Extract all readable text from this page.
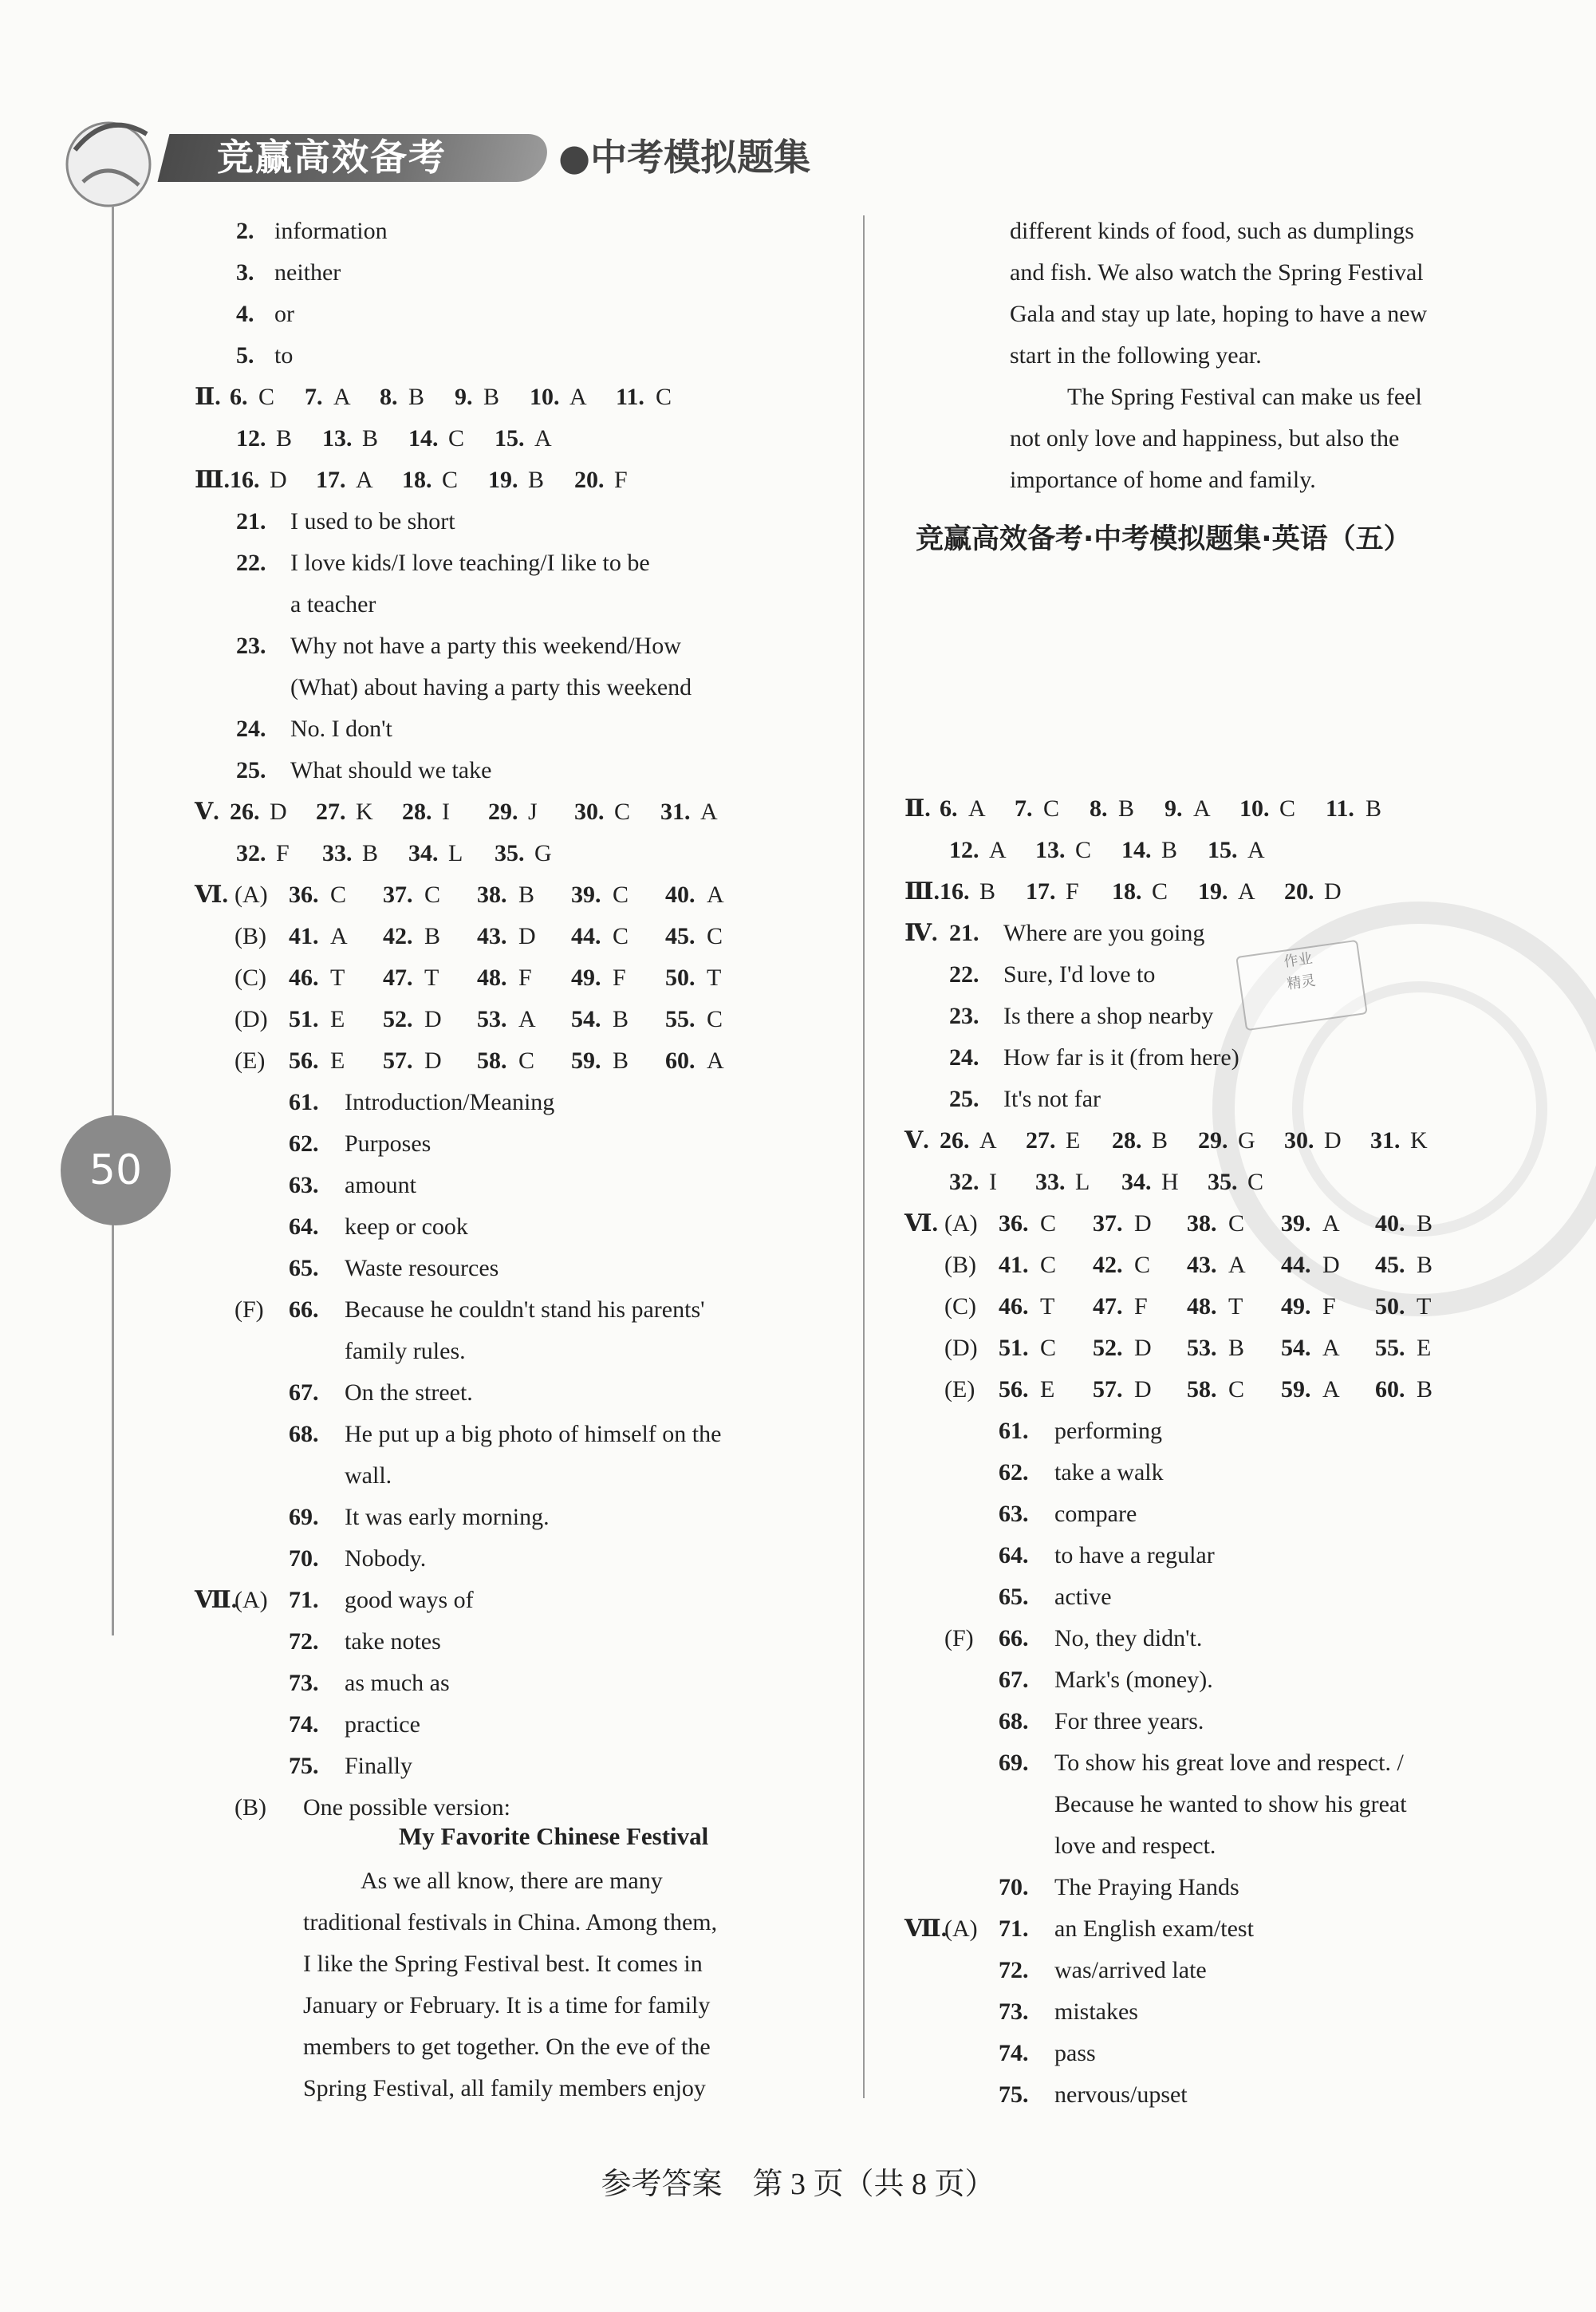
竞赢高效备考	●中考模拟题集
50
作业
精灵
竞赢高效备考·中考模拟题集·英语（五）
My Favorite Chinese Festival
2. information
3. neither
4. or
5. to
Ⅱ. 6. C 7. A 8. B 9. B 10. A 11. C
12. B 13. B 14. C 15. A
Ⅲ. 16. D 17. A 18. C 19. B 20. F
Ⅴ. 26. D 27. K 28. I 29. J 30. C 31. A
32. F 33. B 34. L 35. G
21. I used to be short
22. I love kids/I love teaching/I like to be
a teacher
23. Why not have a party this weekend/How
(What) about having a party this weekend
24. No. I don't
25. What should we take
Ⅵ. (A) 36. C 37. C 38. B 39. C 40. A
(B) 41. A 42. B 43. D 44. C 45. C
(C) 46. T 47. T 48. F 49. F 50. T
(D) 51. E 52. D 53. A 54. B 55. C
(E) 56. E 57. D 58. C 59. B 60. A
61. Introduction/Meaning
62. Purposes
63. amount
64. keep or cook
65. Waste resources
(F) 66. Because he couldn't stand his parents'
family rules.
67. On the street.
68. He put up a big photo of himself on the
wall.
69. It was early morning.
70. Nobody.
Ⅶ.
(A) 71. good ways of
72. take notes
73. as much as
74. practice
75. Finally
Ⅱ. 6. A 7. C 8. B 9. A 10. C 11. B
12. A 13. C 14. B 15. A
Ⅲ. 16. B 17. F 18. C 19. A 20. D
Ⅴ. 26. A 27. E 28. B 29. G 30. D 31. K
32. I 33. L 34. H 35. C
Ⅳ. 21. Where are you going
22. Sure, I'd love to
23. Is there a shop nearby
24. How far is it (from here)
25. It's not far
Ⅵ. (A) 36. C 37. D 38. C 39. A 40. B
(B) 41. C 42. C 43. A 44. D 45. B
(C) 46. T 47. F 48. T 49. F 50. T
(D) 51. C 52. D 53. B 54. A 55. E
(E) 56. E 57. D 58. C 59. A 60. B
61. performing
62. take a walk
63. compare
64. to have a regular
65. active
(F) 66. No, they didn't.
67. Mark's (money).
68. For three years.
69. To show his great love and respect. /
Because he wanted to show his great
love and respect.
70. The Praying Hands
Ⅶ.
(A) 71. an English exam/test
72. was/arrived late
73. mistakes
74. pass
75. nervous/upset
(B) One possible version:
As we all know, there are many
traditional festivals in China. Among them,
I like the Spring Festival best. It comes in
January or February. It is a time for family
members to get together. On the eve of the
Spring Festival, all family members enjoy
different kinds of food, such as dumplings
and fish. We also watch the Spring Festival
Gala and stay up late, hoping to have a new
start in the following year.
The Spring Festival can make us feel
not only love and happiness, but also the
importance of home and family.
参考答案　第 3 页（共 8 页）
